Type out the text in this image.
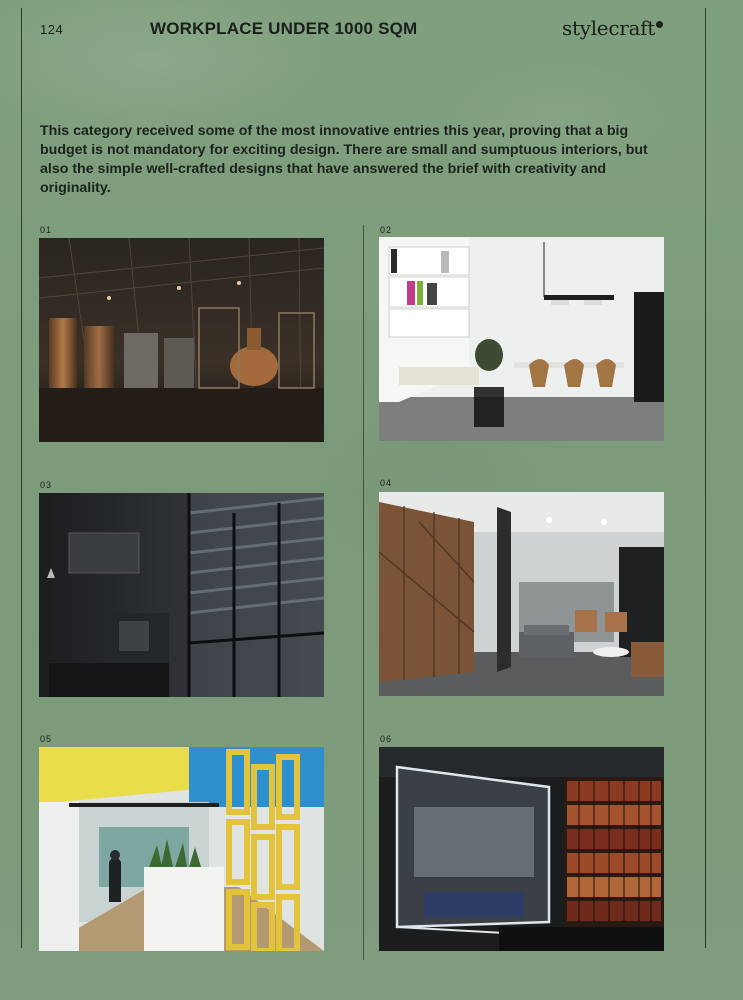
124	WORKPLACE UNDER 1000 SQM	stylecraft
This category received some of the most innovative entries this year, proving that a big budget is not mandatory for exciting design. There are small and sumptuous interiors, but also the simple well-crafted designs that have answered the brief with creativity and originality.
01	02
03	04
05	06
